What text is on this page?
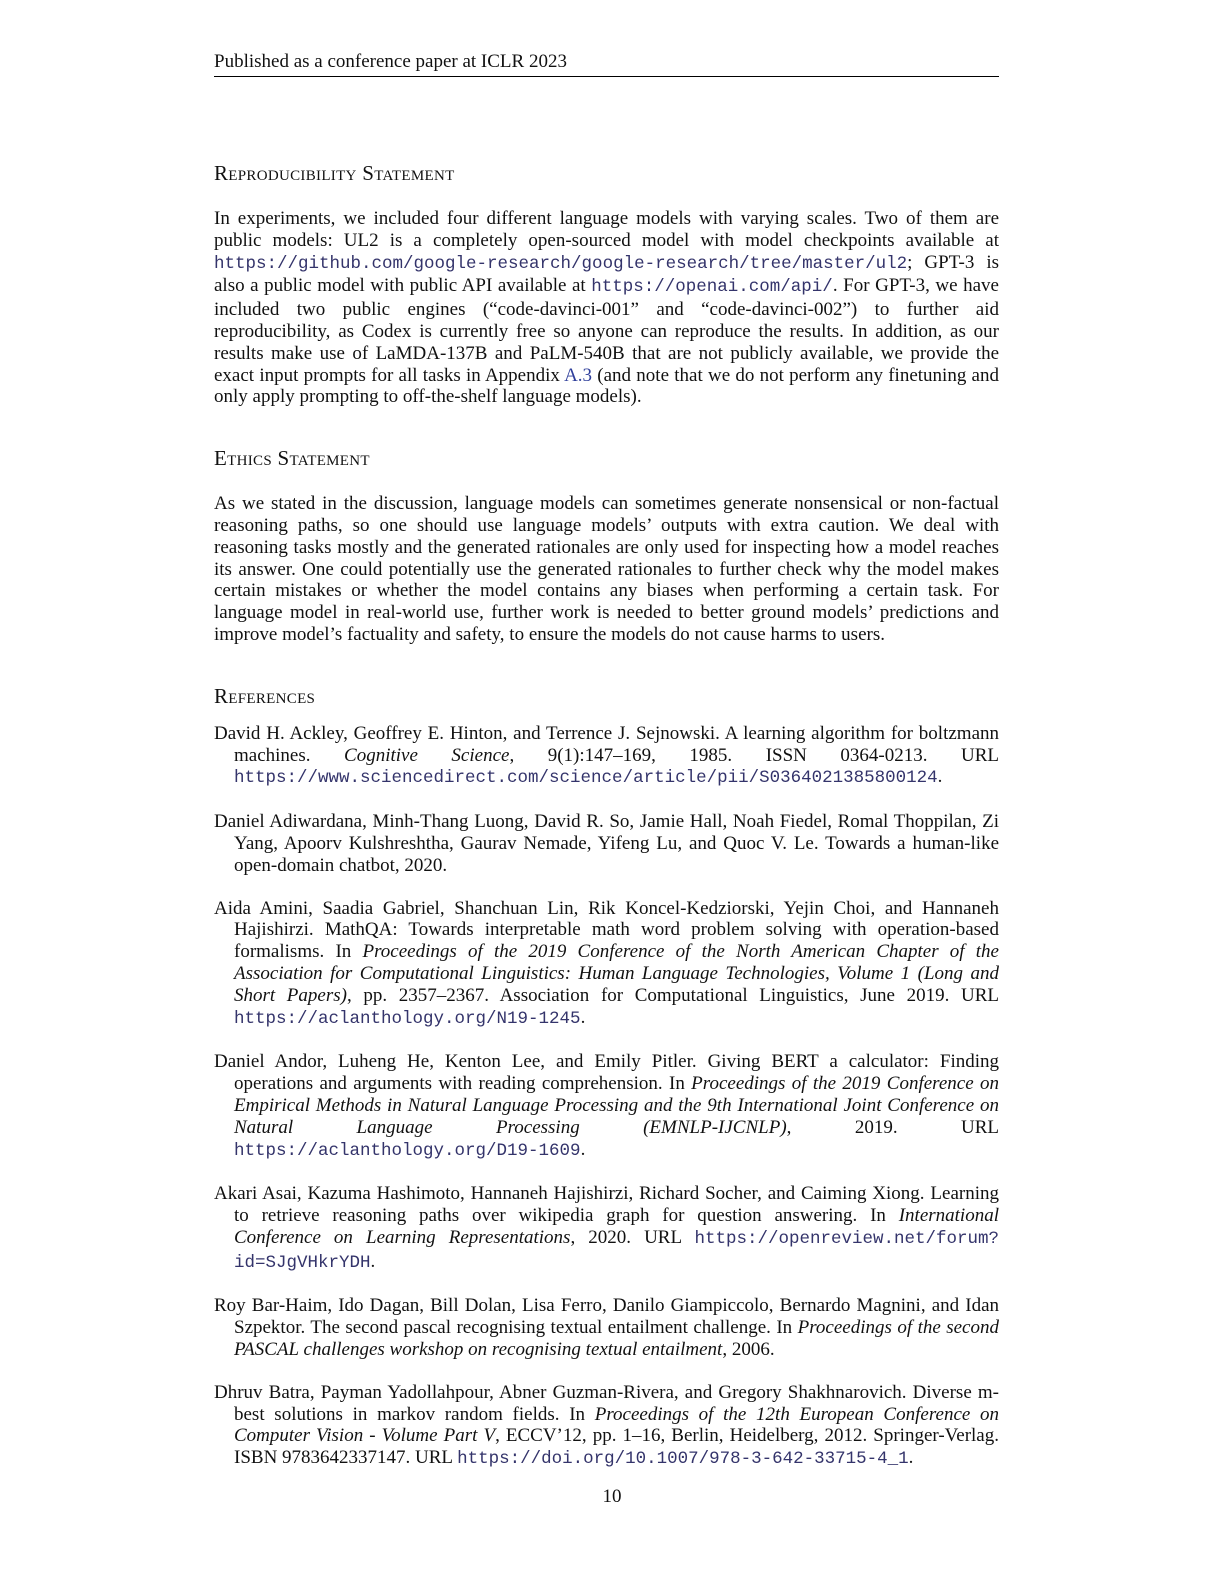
Published as a conference paper at ICLR 2023
Reproducibility Statement

In experiments, we included four different language models with varying scales. Two of them are public models: UL2 is a completely open-sourced model with model checkpoints available at https://github.com/google-research/google-research/tree/master/ul2; GPT-3 is also a public model with public API available at https://openai.com/api/. For GPT-3, we have included two public engines (“code-davinci-001” and “code-davinci-002”) to further aid reproducibility, as Codex is currently free so anyone can reproduce the results. In addition, as our results make use of LaMDA-137B and PaLM-540B that are not publicly available, we provide the exact input prompts for all tasks in Appendix A.3 (and note that we do not perform any finetuning and only apply prompting to off-the-shelf language models).

Ethics Statement

As we stated in the discussion, language models can sometimes generate nonsensical or non-factual reasoning paths, so one should use language models’ outputs with extra caution. We deal with reasoning tasks mostly and the generated rationales are only used for inspecting how a model reaches its answer. One could potentially use the generated rationales to further check why the model makes certain mistakes or whether the model contains any biases when performing a certain task. For language model in real-world use, further work is needed to better ground models’ predictions and improve model’s factuality and safety, to ensure the models do not cause harms to users.

References
David H. Ackley, Geoffrey E. Hinton, and Terrence J. Sejnowski. A learning algorithm for boltzmann machines. Cognitive Science, 9(1):147–169, 1985. ISSN 0364-0213. URL https://www.sciencedirect.com/science/article/pii/S0364021385800124.
Daniel Adiwardana, Minh-Thang Luong, David R. So, Jamie Hall, Noah Fiedel, Romal Thoppilan, Zi Yang, Apoorv Kulshreshtha, Gaurav Nemade, Yifeng Lu, and Quoc V. Le. Towards a human-like open-domain chatbot, 2020.
Aida Amini, Saadia Gabriel, Shanchuan Lin, Rik Koncel-Kedziorski, Yejin Choi, and Hannaneh Hajishirzi. MathQA: Towards interpretable math word problem solving with operation-based formalisms. In Proceedings of the 2019 Conference of the North American Chapter of the Association for Computational Linguistics: Human Language Technologies, Volume 1 (Long and Short Papers), pp. 2357–2367. Association for Computational Linguistics, June 2019. URL https://aclanthology.org/N19-1245.
Daniel Andor, Luheng He, Kenton Lee, and Emily Pitler. Giving BERT a calculator: Finding operations and arguments with reading comprehension. In Proceedings of the 2019 Conference on Empirical Methods in Natural Language Processing and the 9th International Joint Conference on Natural Language Processing (EMNLP-IJCNLP), 2019. URL https://aclanthology.org/D19-1609.
Akari Asai, Kazuma Hashimoto, Hannaneh Hajishirzi, Richard Socher, and Caiming Xiong. Learning to retrieve reasoning paths over wikipedia graph for question answering. In International Conference on Learning Representations, 2020. URL https://openreview.net/forum?id=SJgVHkrYDH.
Roy Bar-Haim, Ido Dagan, Bill Dolan, Lisa Ferro, Danilo Giampiccolo, Bernardo Magnini, and Idan Szpektor. The second pascal recognising textual entailment challenge. In Proceedings of the second PASCAL challenges workshop on recognising textual entailment, 2006.
Dhruv Batra, Payman Yadollahpour, Abner Guzman-Rivera, and Gregory Shakhnarovich. Diverse m-best solutions in markov random fields. In Proceedings of the 12th European Conference on Computer Vision - Volume Part V, ECCV’12, pp. 1–16, Berlin, Heidelberg, 2012. Springer-Verlag. ISBN 9783642337147. URL https://doi.org/10.1007/978-3-642-33715-4_1.
10
